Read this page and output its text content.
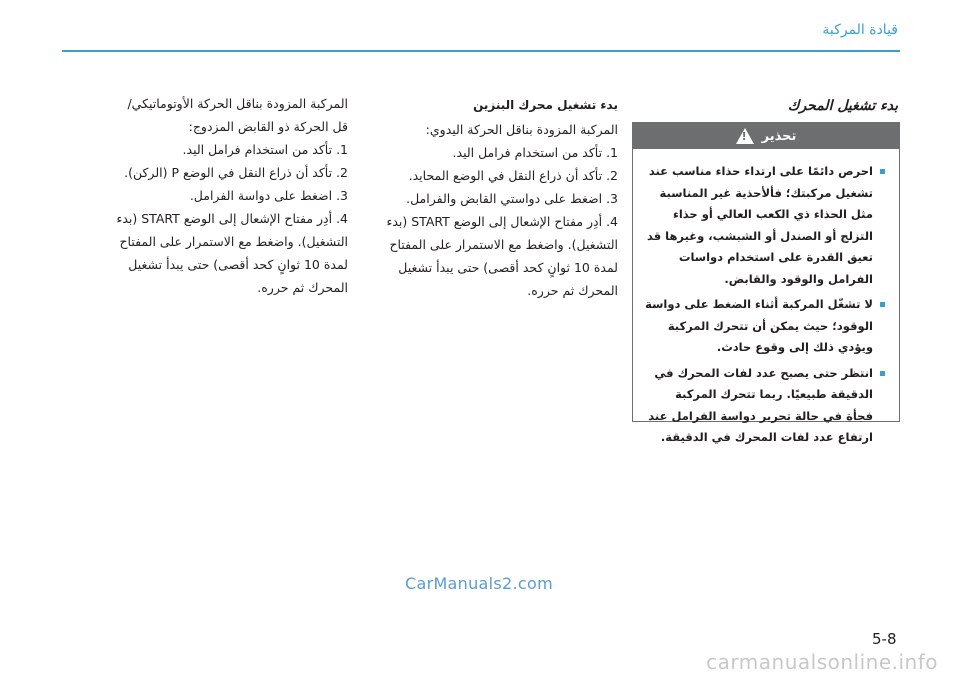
قيادة المركبة
بدء تشغيل المحرك
بدء تشغيل محرك البنزين
المركبة المزودة بناقل الحركة اليدوي:
1. تأكد من استخدام فرامل اليد.
2. تأكد أن ذراع النقل في الوضع المحايد.
3. اضغط على دواستي القابض والفرامل.
4. أدِر مفتاح الإشعال إلى الوضع START (بدء
التشغيل). واضغط مع الاستمرار على المفتاح
لمدة 10 ثوانٍ كحد أقصى) حتى يبدأ تشغيل
المحرك ثم حرره.
المركبة المزودة بناقل الحركة الأوتوماتيكي/
قل الحركة ذو القابض المزدوج:
1. تأكد من استخدام فرامل اليد.
2. تأكد أن ذراع النقل في الوضع P (الركن).
3. اضغط على دواسة الفرامل.
4. أدِر مفتاح الإشعال إلى الوضع START (بدء
التشغيل). واضغط مع الاستمرار على المفتاح
لمدة 10 ثوانٍ كحد أقصى) حتى يبدأ تشغيل
المحرك ثم حرره.
تحذير
!
احرص دائمًا على ارتداء حذاء مناسب عند تشغيل مركبتك؛ فألأحذية غير المناسبة مثل الحذاء ذي الكعب العالي أو حذاء التزلج أو الصندل أو الشبشب، وغيرها قد تعيق القدرة على استخدام دواسات الفرامل والوقود والقابض.
لا تشغّل المركبة أثناء الضغط على دواسة الوقود؛ حيث يمكن أن تتحرك المركبة ويؤدي ذلك إلى وقوع حادث.
انتظر حتى يصبح عدد لفات المحرك في الدقيقة طبيعيًا. ربما تتحرك المركبة فجأة في حالة تحرير دواسة الفرامل عند ارتفاع عدد لفات المحرك في الدقيقة.
CarManuals2.com
5-8
carmanualsonline.info
